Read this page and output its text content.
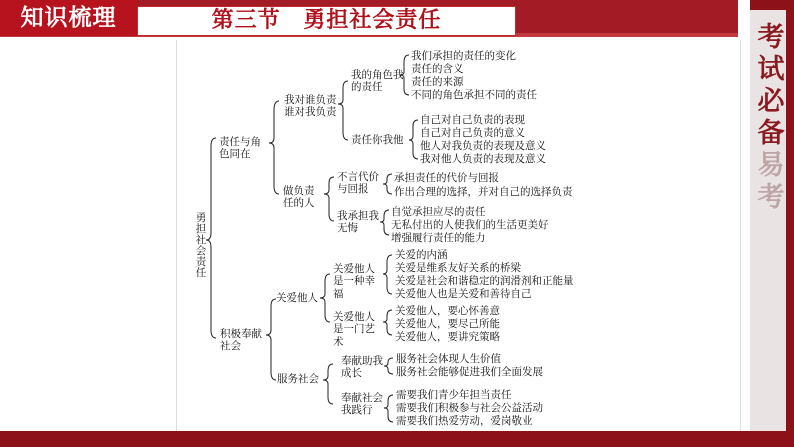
知识梳理	第三节 勇担社会责任
考试必备
易考
勇担社会责任
责任与角色同在
我对谁负责谁对我负责
我的角色我的责任
我们承担的责任的变化
责任的含义
责任的来源
不同的角色承担不同的责任
责任你我他
自己对自己负责的表现
自己对自己负责的意义
他人对我负责的表现及意义
我对他人负责的表现及意义
做负责任的人
不言代价与回报
承担责任的代价与回报
作出合理的选择，并对自己的选择负责
我承担我无悔
自觉承担应尽的责任
无私付出的人使我们的生活更美好
增强履行责任的能力
积极奉献社会
关爱他人
关爱他人是一种幸福
关爱的内涵
关爱是维系友好关系的桥梁
关爱是社会和谐稳定的润滑剂和正能量
关爱他人也是关爱和善待自己
关爱他人是一门艺术
关爱他人，要心怀善意
关爱他人，要尽己所能
关爱他人，要讲究策略
服务社会
奉献助我成长
服务社会体现人生价值
服务社会能够促进我们全面发展
奉献社会我践行
需要我们青少年担当责任
需要我们积极参与社会公益活动
需要我们热爱劳动，爱岗敬业
